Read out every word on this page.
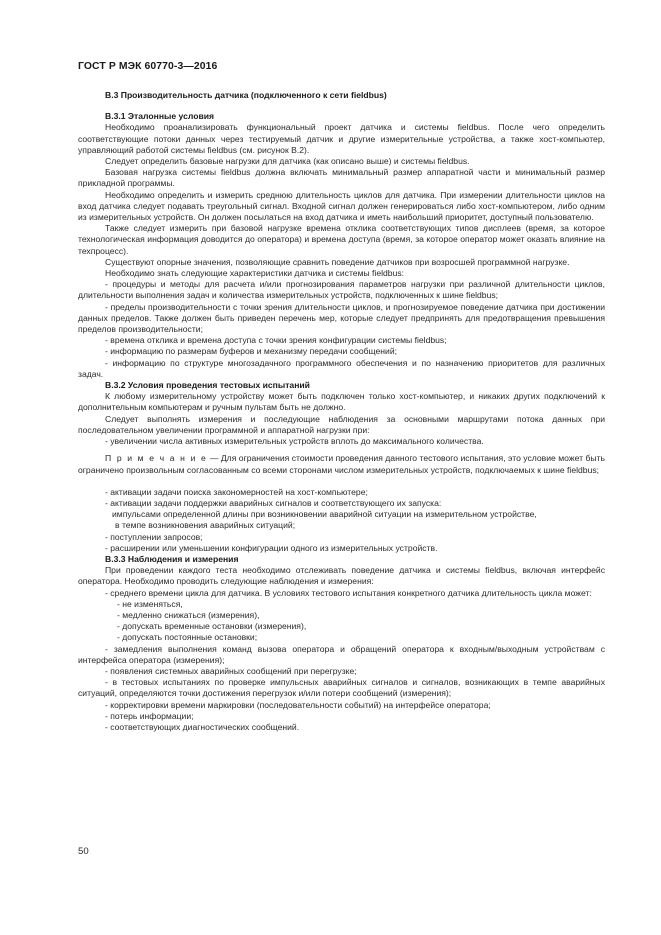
ГОСТ Р МЭК 60770-3—2016

В.3 Производительность датчика (подключенного к сети fieldbus)

В.3.1 Эталонные условия

Необходимо проанализировать функциональный проект датчика и системы fieldbus. После чего определить соответствующие потоки данных через тестируемый датчик и другие измерительные устройства, а также хост-компьютер, управляющий работой системы fieldbus (см. рисунок В.2).

Следует определить базовые нагрузки для датчика (как описано выше) и системы fieldbus.

Базовая нагрузка системы fieldbus должна включать минимальный размер аппаратной части и минимальный размер прикладной программы.

Необходимо определить и измерить среднюю длительность циклов для датчика. При измерении длительности циклов на вход датчика следует подавать треугольный сигнал. Входной сигнал должен генерироваться либо хост-компьютером, либо одним из измерительных устройств. Он должен посылаться на вход датчика и иметь наибольший приоритет, доступный пользователю.

Также следует измерить при базовой нагрузке времена отклика соответствующих типов дисплеев (время, за которое технологическая информация доводится до оператора) и времена доступа (время, за которое оператор может оказать влияние на техпроцесс).

Существуют опорные значения, позволяющие сравнить поведение датчиков при возросшей программной нагрузке.

Необходимо знать следующие характеристики датчика и системы fieldbus:

- процедуры и методы для расчета и/или прогнозирования параметров нагрузки при различной длительности циклов, длительности выполнения задач и количества измерительных устройств, подключенных к шине fieldbus;

- пределы производительности с точки зрения длительности циклов, и прогнозируемое поведение датчика при достижении данных пределов. Также должен быть приведен перечень мер, которые следует предпринять для предотвращения превышения пределов производительности;

- времена отклика и времена доступа с точки зрения конфигурации системы fieldbus;

- информацию по размерам буферов и механизму передачи сообщений;

- информацию по структуре многозадачного программного обеспечения и по назначению приоритетов для различных задач.

В.3.2 Условия проведения тестовых испытаний

К любому измерительному устройству может быть подключен только хост-компьютер, и никаких других подключений к дополнительным компьютерам и ручным пультам быть не должно.

Следует выполнять измерения и последующие наблюдения за основными маршрутами потока данных при последовательном увеличении программной и аппаратной нагрузки при:

- увеличении числа активных измерительных устройств вплоть до максимального количества.

П р и м е ч а н и е — Для ограничения стоимости проведения данного тестового испытания, это условие может быть ограничено произвольным согласованным со всеми сторонами числом измерительных устройств, подключаемых к шине fieldbus;

- активации задачи поиска закономерностей на хост-компьютере;

- активации задачи поддержки аварийных сигналов и соответствующего их запуска:

импульсами определенной длины при возникновении аварийной ситуации на измерительном устройстве,

в темпе возникновения аварийных ситуаций;

- поступлении запросов;

- расширении или уменьшении конфигурации одного из измерительных устройств.

В.3.3 Наблюдения и измерения

При проведении каждого теста необходимо отслеживать поведение датчика и системы fieldbus, включая интерфейс оператора. Необходимо проводить следующие наблюдения и измерения:

- среднего времени цикла для датчика. В условиях тестового испытания конкретного датчика длительность цикла может:

- не изменяться,

- медленно снижаться (измерения),

- допускать временные остановки (измерения),

- допускать постоянные остановки;

- замедления выполнения команд вызова оператора и обращений оператора к входным/выходным устройствам с интерфейса оператора (измерения);

- появления системных аварийных сообщений при перегрузке;

- в тестовых испытаниях по проверке импульсных аварийных сигналов и сигналов, возникающих в темпе аварийных ситуаций, определяются точки достижения перегрузок и/или потери сообщений (измерения);

- корректировки времени маркировки (последовательности событий) на интерфейсе оператора;

- потерь информации;

- соответствующих диагностических сообщений.

50
